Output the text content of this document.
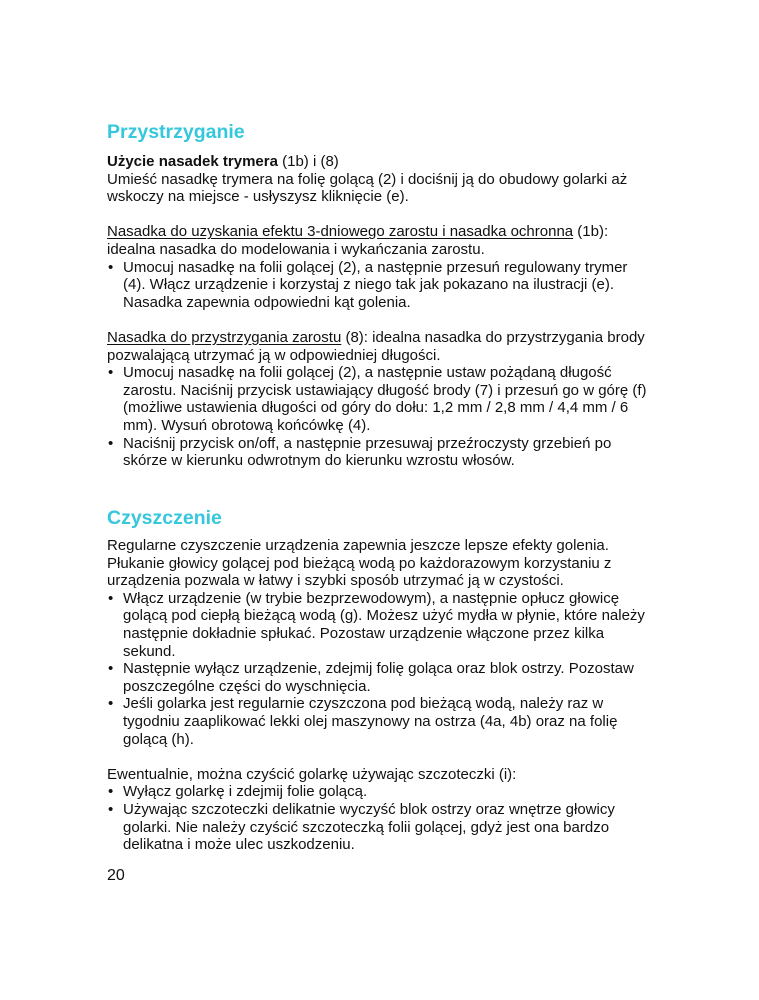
Przystrzyganie

Użycie nasadek trymera (1b) i (8)

Umieść nasadkę trymera na folię golącą (2) i dociśnij ją do obudowy golarki aż wskoczy na miejsce - usłyszysz kliknięcie (e).

Nasadka do uzyskania efektu 3-dniowego zarostu i nasadka ochronna (1b): idealna nasadka do modelowania i wykańczania zarostu.

• Umocuj nasadkę na folii golącej (2), a następnie przesuń regulowany trymer (4). Włącz urządzenie i korzystaj z niego tak jak pokazano na ilustracji (e). Nasadka zapewnia odpowiedni kąt golenia.

Nasadka do przystrzygania zarostu (8): idealna nasadka do przystrzygania brody pozwalającą utrzymać ją w odpowiedniej długości.

• Umocuj nasadkę na folii golącej (2), a następnie ustaw pożądaną długość zarostu. Naciśnij przycisk ustawiający długość brody (7) i przesuń go w górę (f) (możliwe ustawienia długości od góry do dołu: 1,2 mm / 2,8 mm / 4,4 mm / 6 mm). Wysuń obrotową końcówkę (4).
• Naciśnij przycisk on/off, a następnie przesuwaj przeźroczysty grzebień po skórze w kierunku odwrotnym do kierunku wzrostu włosów.
Czyszczenie

Regularne czyszczenie urządzenia zapewnia jeszcze lepsze efekty golenia. Płukanie głowicy golącej pod bieżącą wodą po każdorazowym korzystaniu z urządzenia pozwala w łatwy i szybki sposób utrzymać ją w czystości.

• Włącz urządzenie (w trybie bezprzewodowym), a następnie opłucz głowicę golącą pod ciepłą bieżącą wodą (g). Możesz użyć mydła w płynie, które należy następnie dokładnie spłukać. Pozostaw urządzenie włączone przez kilka sekund.
• Następnie wyłącz urządzenie, zdejmij folię goląca oraz blok ostrzy. Pozostaw poszczególne części do wyschnięcia.
• Jeśli golarka jest regularnie czyszczona pod bieżącą wodą, należy raz w tygodniu zaaplikować lekki olej maszynowy na ostrza (4a, 4b) oraz na folię golącą (h).

Ewentualnie, można czyścić golarkę używając szczoteczki (i):

• Wyłącz golarkę i zdejmij folie golącą.
• Używając szczoteczki delikatnie wyczyść blok ostrzy oraz wnętrze głowicy golarki. Nie należy czyścić szczoteczką folii golącej, gdyż jest ona bardzo delikatna i może ulec uszkodzeniu.
20
